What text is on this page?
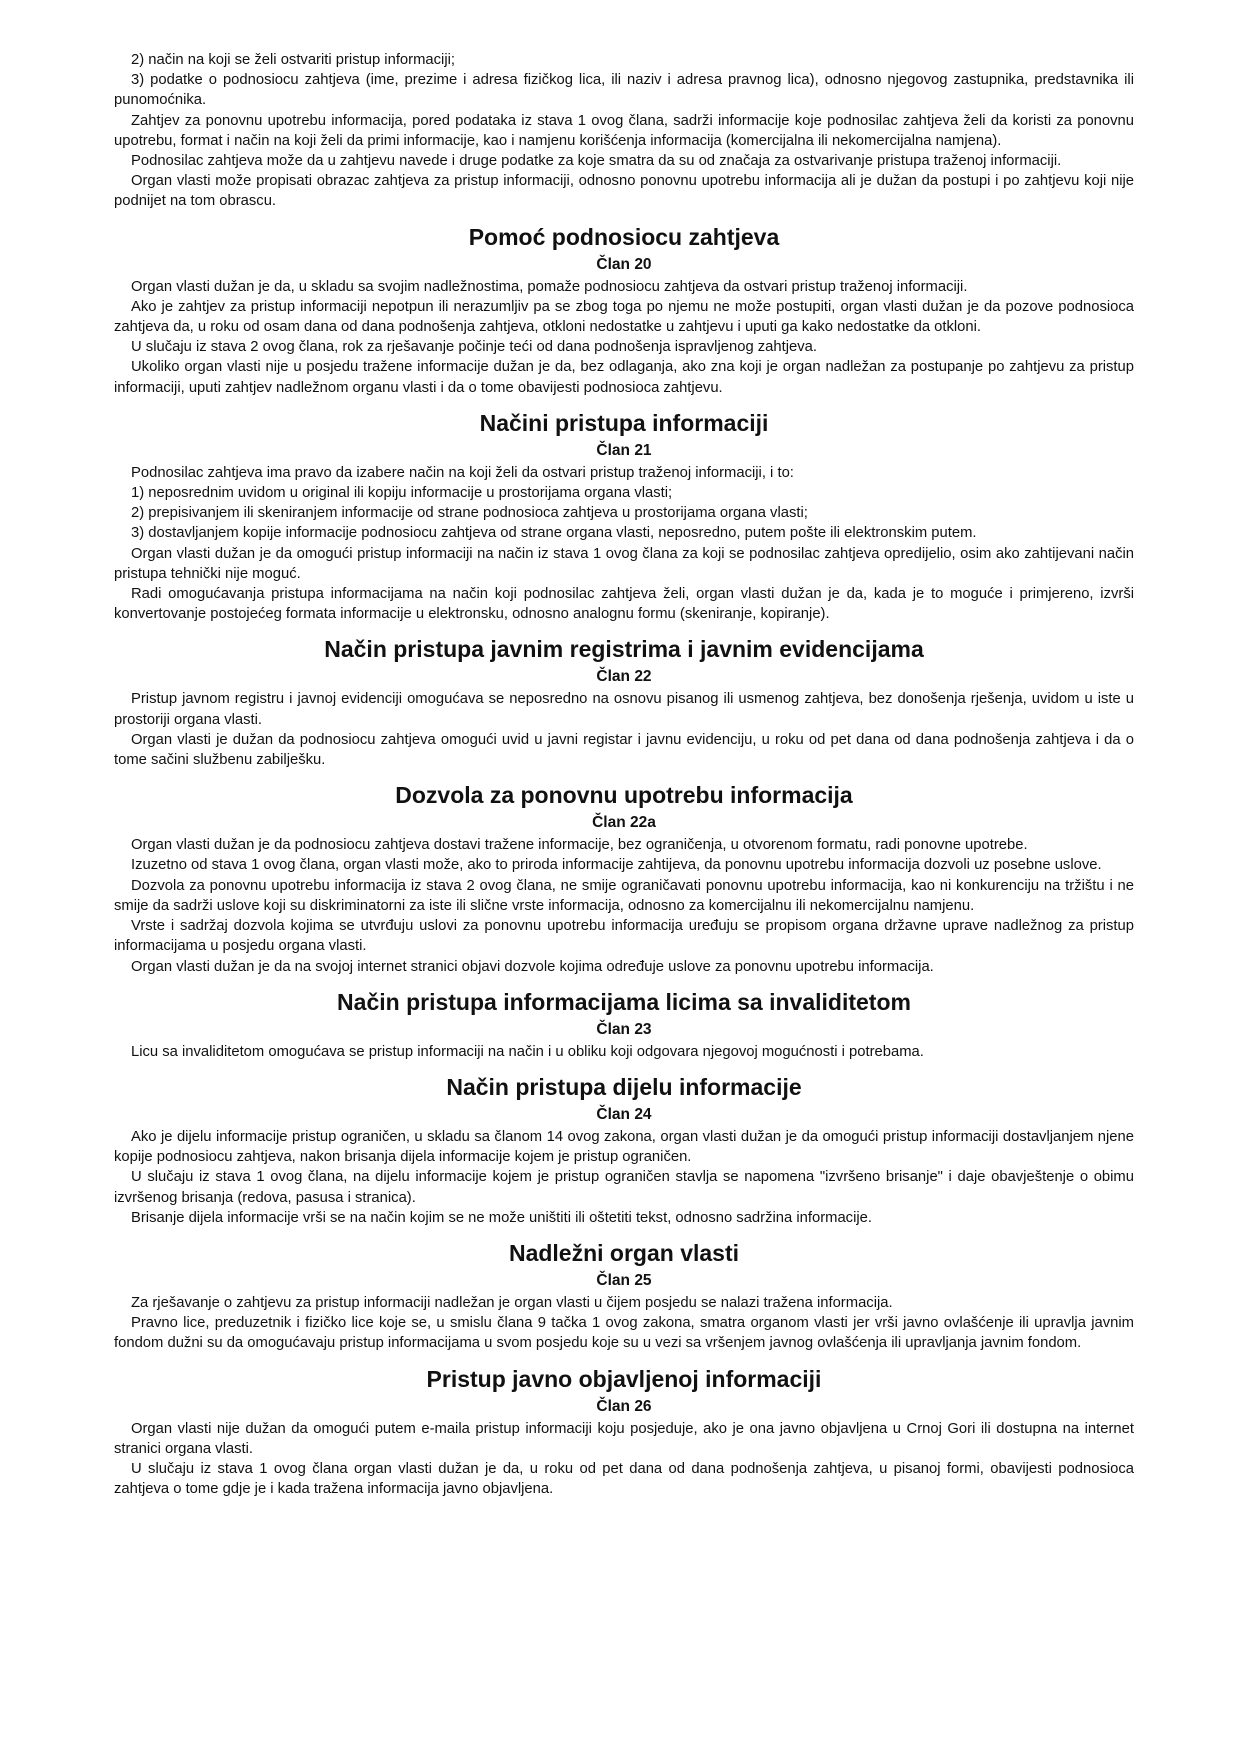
2) način na koji se želi ostvariti pristup informaciji;

3) podatke o podnosiocu zahtjeva (ime, prezime i adresa fizičkog lica, ili naziv i adresa pravnog lica), odnosno njegovog zastupnika, predstavnika ili punomoćnika.

Zahtjev za ponovnu upotrebu informacija, pored podataka iz stava 1 ovog člana, sadrži informacije koje podnosilac zahtjeva želi da koristi za ponovnu upotrebu, format i način na koji želi da primi informacije, kao i namjenu korišćenja informacija (komercijalna ili nekomercijalna namjena).

Podnosilac zahtjeva može da u zahtjevu navede i druge podatke za koje smatra da su od značaja za ostvarivanje pristupa traženoj informaciji.

Organ vlasti može propisati obrazac zahtjeva za pristup informaciji, odnosno ponovnu upotrebu informacija ali je dužan da postupi i po zahtjevu koji nije podnijet na tom obrascu.

Pomoć podnosiocu zahtjeva
Član 20

Organ vlasti dužan je da, u skladu sa svojim nadležnostima, pomaže podnosiocu zahtjeva da ostvari pristup traženoj informaciji.

Ako je zahtjev za pristup informaciji nepotpun ili nerazumljiv pa se zbog toga po njemu ne može postupiti, organ vlasti dužan je da pozove podnosioca zahtjeva da, u roku od osam dana od dana podnošenja zahtjeva, otkloni nedostatke u zahtjevu i uputi ga kako nedostatke da otkloni.

U slučaju iz stava 2 ovog člana, rok za rješavanje počinje teći od dana podnošenja ispravljenog zahtjeva.

Ukoliko organ vlasti nije u posjedu tražene informacije dužan je da, bez odlaganja, ako zna koji je organ nadležan za postupanje po zahtjevu za pristup informaciji, uputi zahtjev nadležnom organu vlasti i da o tome obavijesti podnosioca zahtjevu.

Načini pristupa informaciji
Član 21

Podnosilac zahtjeva ima pravo da izabere način na koji želi da ostvari pristup traženoj informaciji, i to:

1) neposrednim uvidom u original ili kopiju informacije u prostorijama organa vlasti;

2) prepisivanjem ili skeniranjem informacije od strane podnosioca zahtjeva u prostorijama organa vlasti;

3) dostavljanjem kopije informacije podnosiocu zahtjeva od strane organa vlasti, neposredno, putem pošte ili elektronskim putem.

Organ vlasti dužan je da omogući pristup informaciji na način iz stava 1 ovog člana za koji se podnosilac zahtjeva opredijelio, osim ako zahtijevani način pristupa tehnički nije moguć.

Radi omogućavanja pristupa informacijama na način koji podnosilac zahtjeva želi, organ vlasti dužan je da, kada je to moguće i primjereno, izvrši konvertovanje postojećeg formata informacije u elektronsku, odnosno analognu formu (skeniranje, kopiranje).

Način pristupa javnim registrima i javnim evidencijama
Član 22

Pristup javnom registru i javnoj evidenciji omogućava se neposredno na osnovu pisanog ili usmenog zahtjeva, bez donošenja rješenja, uvidom u iste u prostoriji organa vlasti.

Organ vlasti je dužan da podnosiocu zahtjeva omogući uvid u javni registar i javnu evidenciju, u roku od pet dana od dana podnošenja zahtjeva i da o tome sačini službenu zabilješku.

Dozvola za ponovnu upotrebu informacija
Član 22a

Organ vlasti dužan je da podnosiocu zahtjeva dostavi tražene informacije, bez ograničenja, u otvorenom formatu, radi ponovne upotrebe.

Izuzetno od stava 1 ovog člana, organ vlasti može, ako to priroda informacije zahtijeva, da ponovnu upotrebu informacija dozvoli uz posebne uslove.

Dozvola za ponovnu upotrebu informacija iz stava 2 ovog člana, ne smije ograničavati ponovnu upotrebu informacija, kao ni konkurenciju na tržištu i ne smije da sadrži uslove koji su diskriminatorni za iste ili slične vrste informacija, odnosno za komercijalnu ili nekomercijalnu namjenu.

Vrste i sadržaj dozvola kojima se utvrđuju uslovi za ponovnu upotrebu informacija uređuju se propisom organa državne uprave nadležnog za pristup informacijama u posjedu organa vlasti.

Organ vlasti dužan je da na svojoj internet stranici objavi dozvole kojima određuje uslove za ponovnu upotrebu informacija.

Način pristupa informacijama licima sa invaliditetom
Član 23

Licu sa invaliditetom omogućava se pristup informaciji na način i u obliku koji odgovara njegovoj mogućnosti i potrebama.

Način pristupa dijelu informacije
Član 24

Ako je dijelu informacije pristup ograničen, u skladu sa članom 14 ovog zakona, organ vlasti dužan je da omogući pristup informaciji dostavljanjem njene kopije podnosiocu zahtjeva, nakon brisanja dijela informacije kojem je pristup ograničen.

U slučaju iz stava 1 ovog člana, na dijelu informacije kojem je pristup ograničen stavlja se napomena "izvršeno brisanje" i daje obavještenje o obimu izvršenog brisanja (redova, pasusa i stranica).

Brisanje dijela informacije vrši se na način kojim se ne može uništiti ili oštetiti tekst, odnosno sadržina informacije.

Nadležni organ vlasti
Član 25

Za rješavanje o zahtjevu za pristup informaciji nadležan je organ vlasti u čijem posjedu se nalazi tražena informacija.

Pravno lice, preduzetnik i fizičko lice koje se, u smislu člana 9 tačka 1 ovog zakona, smatra organom vlasti jer vrši javno ovlašćenje ili upravlja javnim fondom dužni su da omogućavaju pristup informacijama u svom posjedu koje su u vezi sa vršenjem javnog ovlašćenja ili upravljanja javnim fondom.

Pristup javno objavljenoj informaciji
Član 26

Organ vlasti nije dužan da omogući putem e-maila pristup informaciji koju posjeduje, ako je ona javno objavljena u Crnoj Gori ili dostupna na internet stranici organa vlasti.

U slučaju iz stava 1 ovog člana organ vlasti dužan je da, u roku od pet dana od dana podnošenja zahtjeva, u pisanoj formi, obavijesti podnosioca zahtjeva o tome gdje je i kada tražena informacija javno objavljena.
